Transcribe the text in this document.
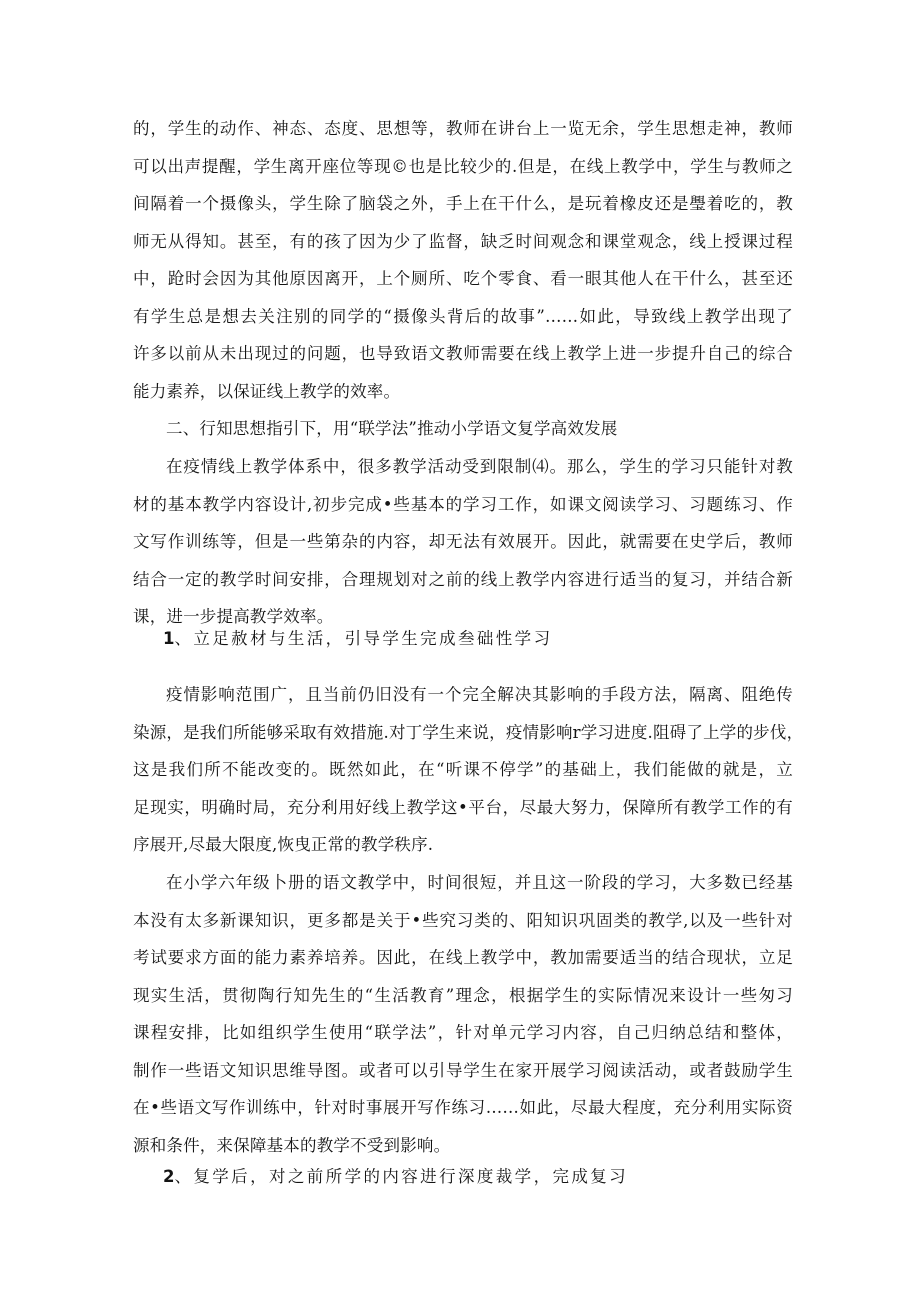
的，学生的动作、神态、态度、思想等，教师在讲台上一览无余，学生思想走神，教师
可以出声提醒，学生离开座位等现©也是比较少的.但是，在线上教学中，学生与教师之
间隔着一个摄像头，学生除了脑袋之外，手上在干什么，是玩着橡皮还是璺着吃的，教
师无从得知。甚至，有的孩了因为少了监督，缺乏时间观念和课堂观念，线上授课过程
中，跄时会因为其他原因离开，上个厕所、吃个零食、看一眼其他人在干什么，甚至还
有学生总是想去关注别的同学的“摄像头背后的故事”……如此，导致线上教学出现了
许多以前从未出现过的问题，也导致语文教师需要在线上教学上进一步提升自己的综合
能力素养，以保证线上教学的效率。
二、行知思想指引下，用“联学法”推动小学语文复学高效发展
在疫情线上教学体系中，很多教学活动受到限制⑷。那么，学生的学习只能针对教
材的基本教学内容设计,初步完成•些基本的学习工作，如课文阅读学习、习题练习、作
文写作训练等，但是一些第杂的内容，却无法有效展开。因此，就需要在史学后，教师
结合一定的教学时间安排，合理规划对之前的线上教学内容进行适当的复习，并结合新
课，进一步提高教学效率。
1、立足赦材与生活，引导学生完成叁础性学习
疫情影响范围广，且当前仍旧没有一个完全解决其影响的手段方法，隔离、阻绝传
染源，是我们所能够采取有效措施.对丁学生来说，疫情影响r学习进度.阻碍了上学的步伐，
这是我们所不能改变的。既然如此，在“听课不停学”的基础上，我们能做的就是，立
足现实，明确时局，充分利用好线上教学这•平台，尽最大努力，保障所有教学工作的有
序展开,尽最大限度,恢曳正常的教学秩序.
在小学六年级卜册的语文教学中，时间很短，并且这一阶段的学习，大多数已经基
本没有太多新课知识，更多都是关于•些究习类的、阳知识巩固类的教学,以及一些针对
考试要求方面的能力素养培养。因此，在线上教学中，教加需要适当的结合现状，立足
现实生活，贯彻陶行知先生的“生活教育”理念，根据学生的实际情况来设计一些匆习
课程安排，比如组织学生使用“联学法”，针对单元学习内容，自己归纳总结和整体，
制作一些语文知识思维导图。或者可以引导学生在家开展学习阅读活动，或者鼓励学生
在•些语文写作训练中，针对时事展开写作练习……如此，尽最大程度，充分利用实际资
源和条件，来保障基本的教学不受到影响。
2、复学后，对之前所学的内容进行深度裁学，完成复习
